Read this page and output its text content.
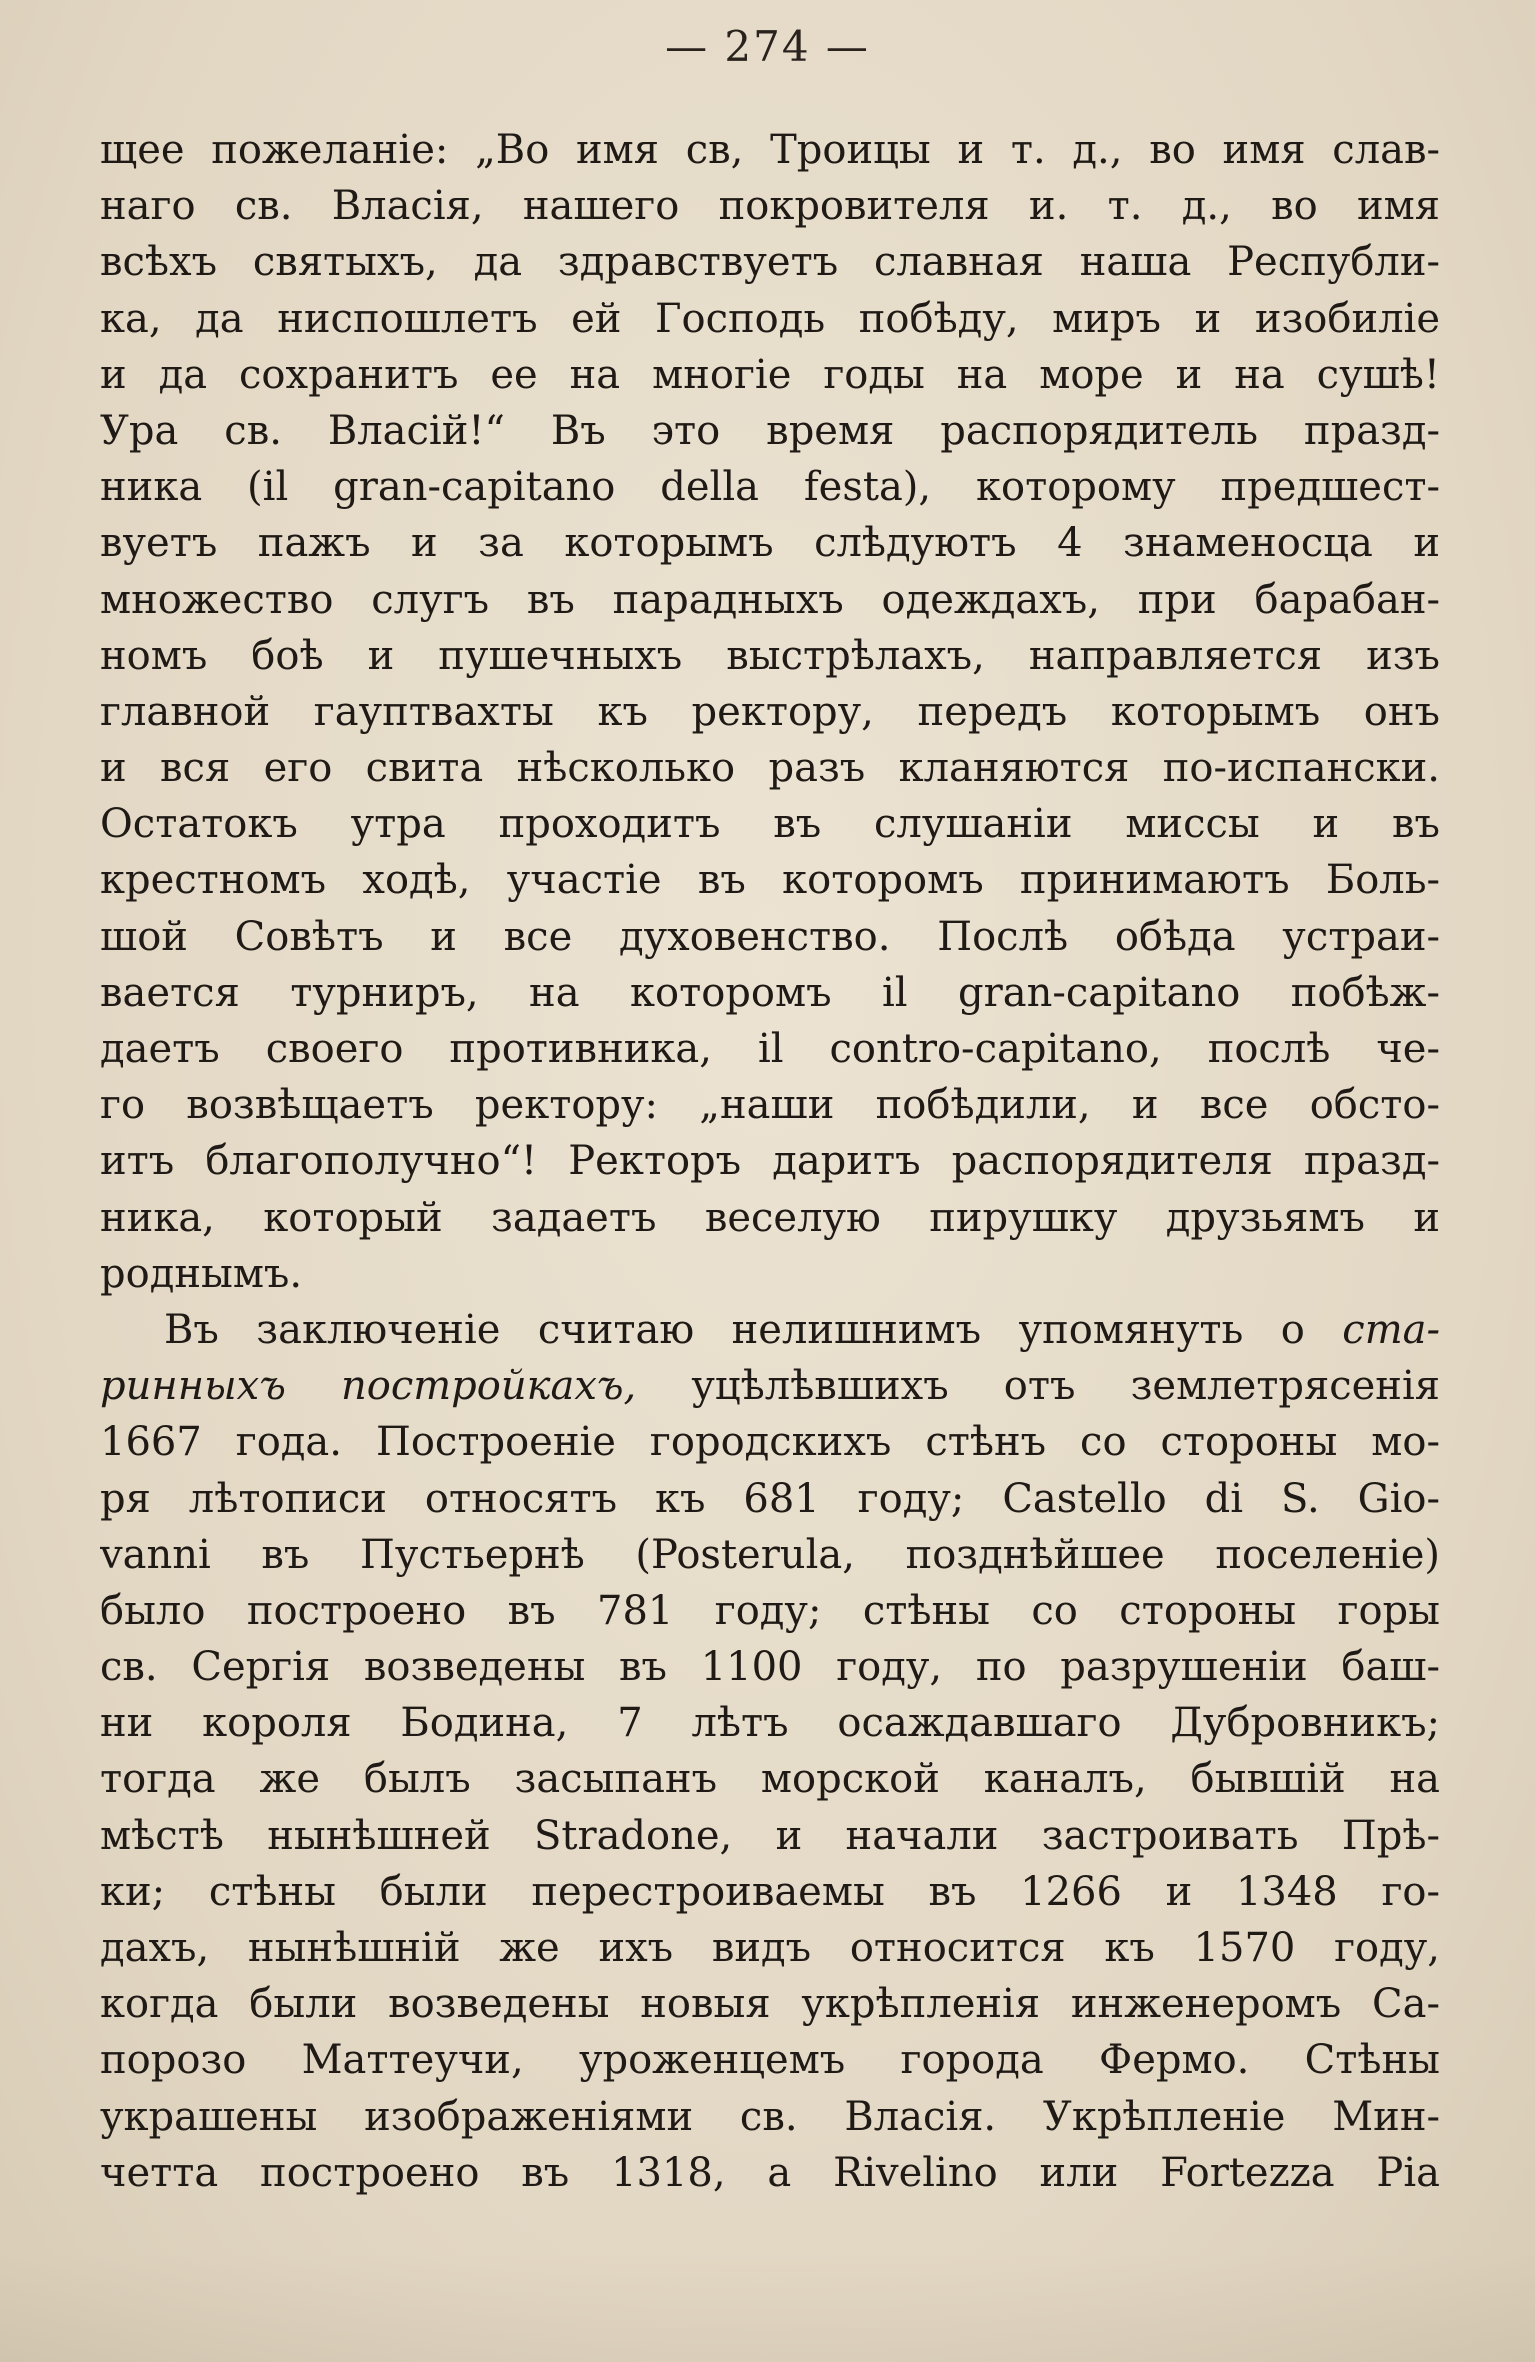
— 274 —
щее пожеланіе: „Во имя св, Троицы и т. д., во имя слав-
наго св. Власія, нашего покровителя и. т. д., во имя
всѣхъ святыхъ, да здравствуетъ славная наша Республи-
ка, да ниспошлетъ ей Господь побѣду, миръ и изобиліе
и да сохранитъ ее на многіе годы на море и на сушѣ!
Ура св. Власій!“ Въ это время распорядитель празд-
ника (il gran-capitano della festa), которому предшест-
вуетъ пажъ и за которымъ слѣдуютъ 4 знаменосца и
множество слугъ въ парадныхъ одеждахъ, при барабан-
номъ боѣ и пушечныхъ выстрѣлахъ, направляется изъ
главной гауптвахты къ ректору, передъ которымъ онъ
и вся его свита нѣсколько разъ кланяются по-испански.
Остатокъ утра проходитъ въ слушаніи миссы и въ
крестномъ ходѣ, участіе въ которомъ принимаютъ Боль-
шой Совѣтъ и все духовенство. Послѣ обѣда устраи-
вается турниръ, на которомъ il gran-capitano побѣж-
даетъ своего противника, il contro-capitano, послѣ че-
го возвѣщаетъ ректору: „наши побѣдили, и все обсто-
итъ благополучно“! Ректоръ даритъ распорядителя празд-
ника, который задаетъ веселую пирушку друзьямъ и
роднымъ.
Въ заключеніе считаю нелишнимъ упомянуть о ста-
ринныхъ постройкахъ, уцѣлѣвшихъ отъ землетрясенія
1667 года. Построеніе городскихъ стѣнъ со стороны мо-
ря лѣтописи относятъ къ 681 году; Castello di S. Gio-
vanni въ Пустьернѣ (Posterula, позднѣйшее поселеніе)
было построено въ 781 году; стѣны со стороны горы
св. Сергія возведены въ 1100 году, по разрушеніи баш-
ни короля Бодина, 7 лѣтъ осаждавшаго Дубровникъ;
тогда же былъ засыпанъ морской каналъ, бывшій на
мѣстѣ нынѣшней Stradone, и начали застроивать Прѣ-
ки; стѣны были перестроиваемы въ 1266 и 1348 го-
дахъ, нынѣшній же ихъ видъ относится къ 1570 году,
когда были возведены новыя укрѣпленія инженеромъ Са-
порозо Маттеучи, уроженцемъ города Фермо. Стѣны
украшены изображеніями св. Власія. Укрѣпленіе Мин-
четта построено въ 1318, а Rivelino или Fortezza Pia
